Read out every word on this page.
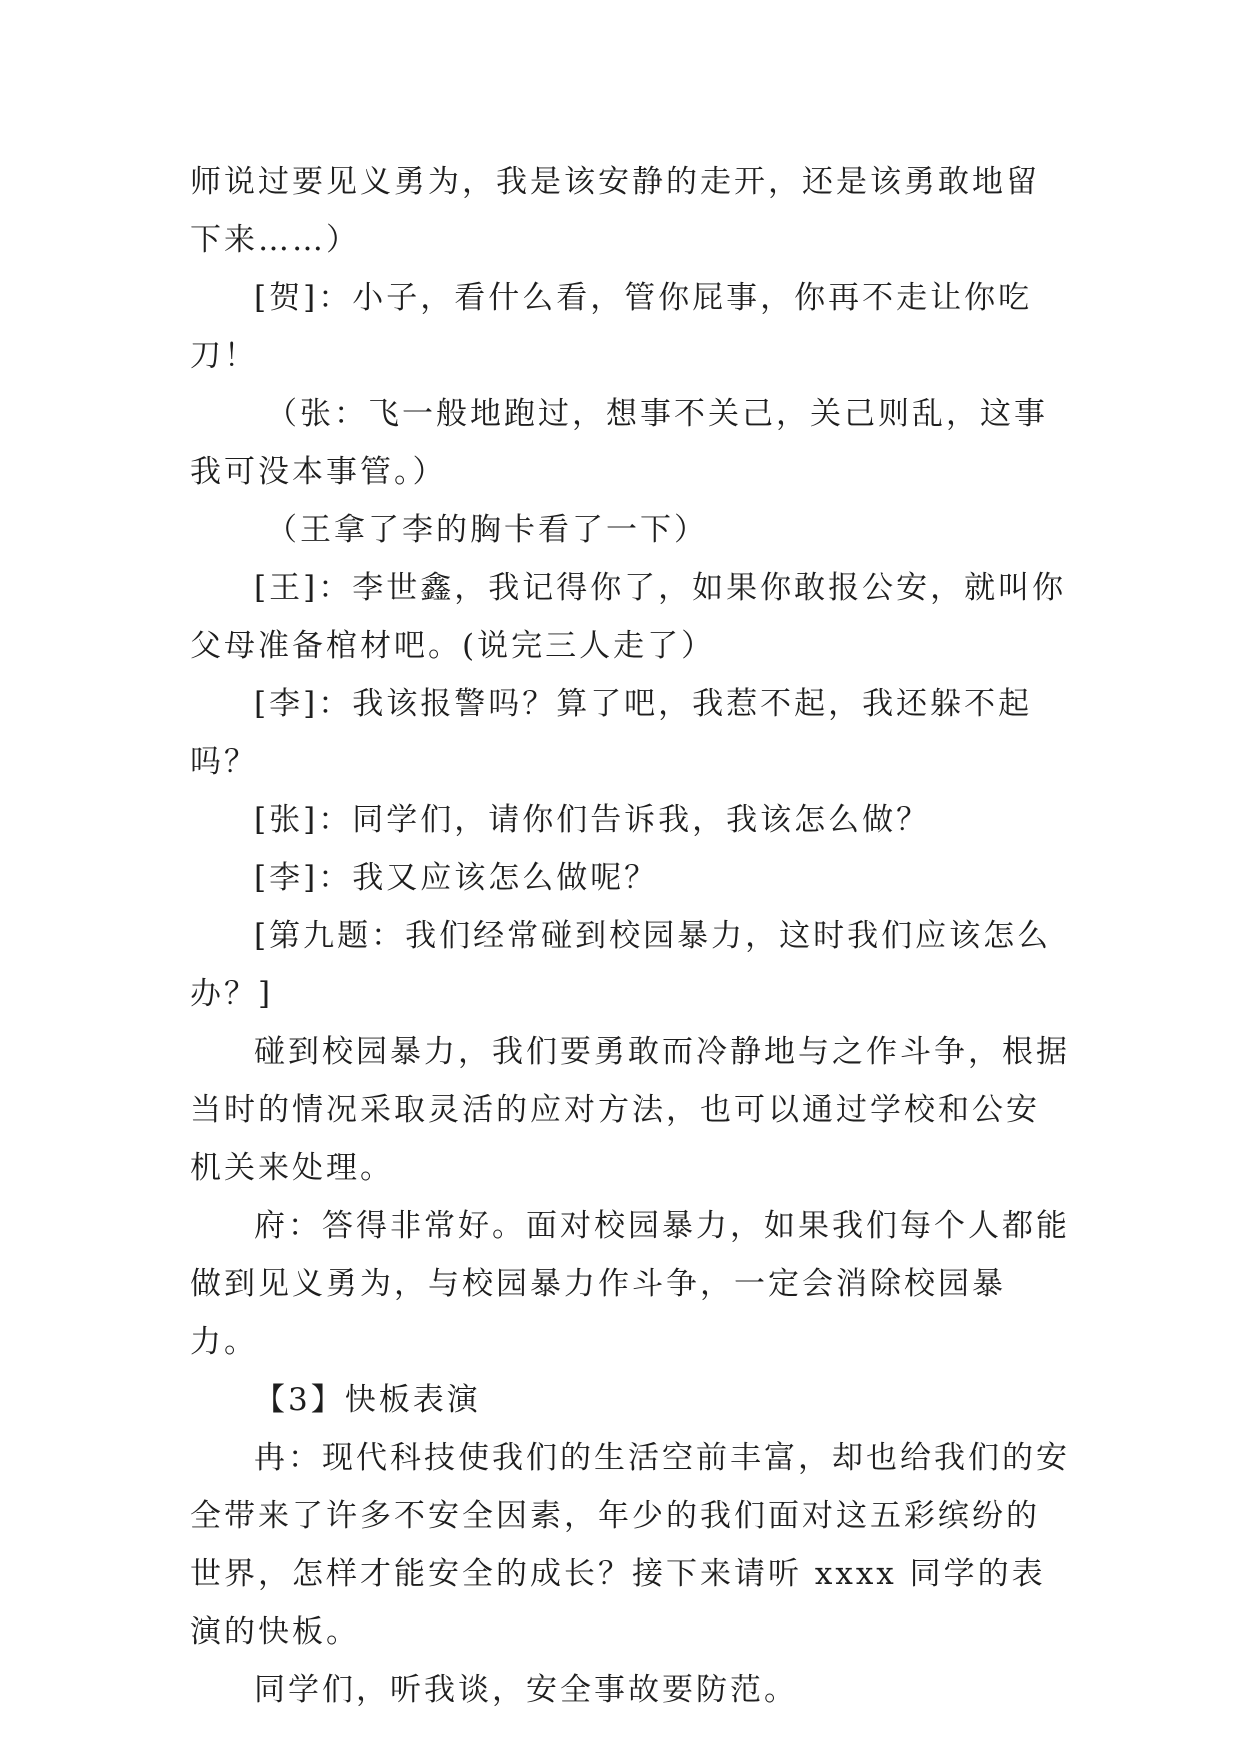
师说过要见义勇为，我是该安静的走开，还是该勇敢地留下来……）

[贺]：小子，看什么看，管你屁事，你再不走让你吃刀！

（张：飞一般地跑过，想事不关己，关己则乱，这事我可没本事管。）

（王拿了李的胸卡看了一下）

[王]：李世鑫，我记得你了，如果你敢报公安，就叫你父母准备棺材吧。(说完三人走了）

[李]：我该报警吗？算了吧，我惹不起，我还躲不起吗？

[张]：同学们，请你们告诉我，我该怎么做？

[李]：我又应该怎么做呢？

[第九题：我们经常碰到校园暴力，这时我们应该怎么办？]

碰到校园暴力，我们要勇敢而冷静地与之作斗争，根据当时的情况采取灵活的应对方法，也可以通过学校和公安机关来处理。

府：答得非常好。面对校园暴力，如果我们每个人都能做到见义勇为，与校园暴力作斗争，一定会消除校园暴力。

【3】快板表演

冉：现代科技使我们的生活空前丰富，却也给我们的安全带来了许多不安全因素，年少的我们面对这五彩缤纷的世界，怎样才能安全的成长？接下来请听 xxxx 同学的表演的快板。

同学们，听我谈，安全事故要防范。
